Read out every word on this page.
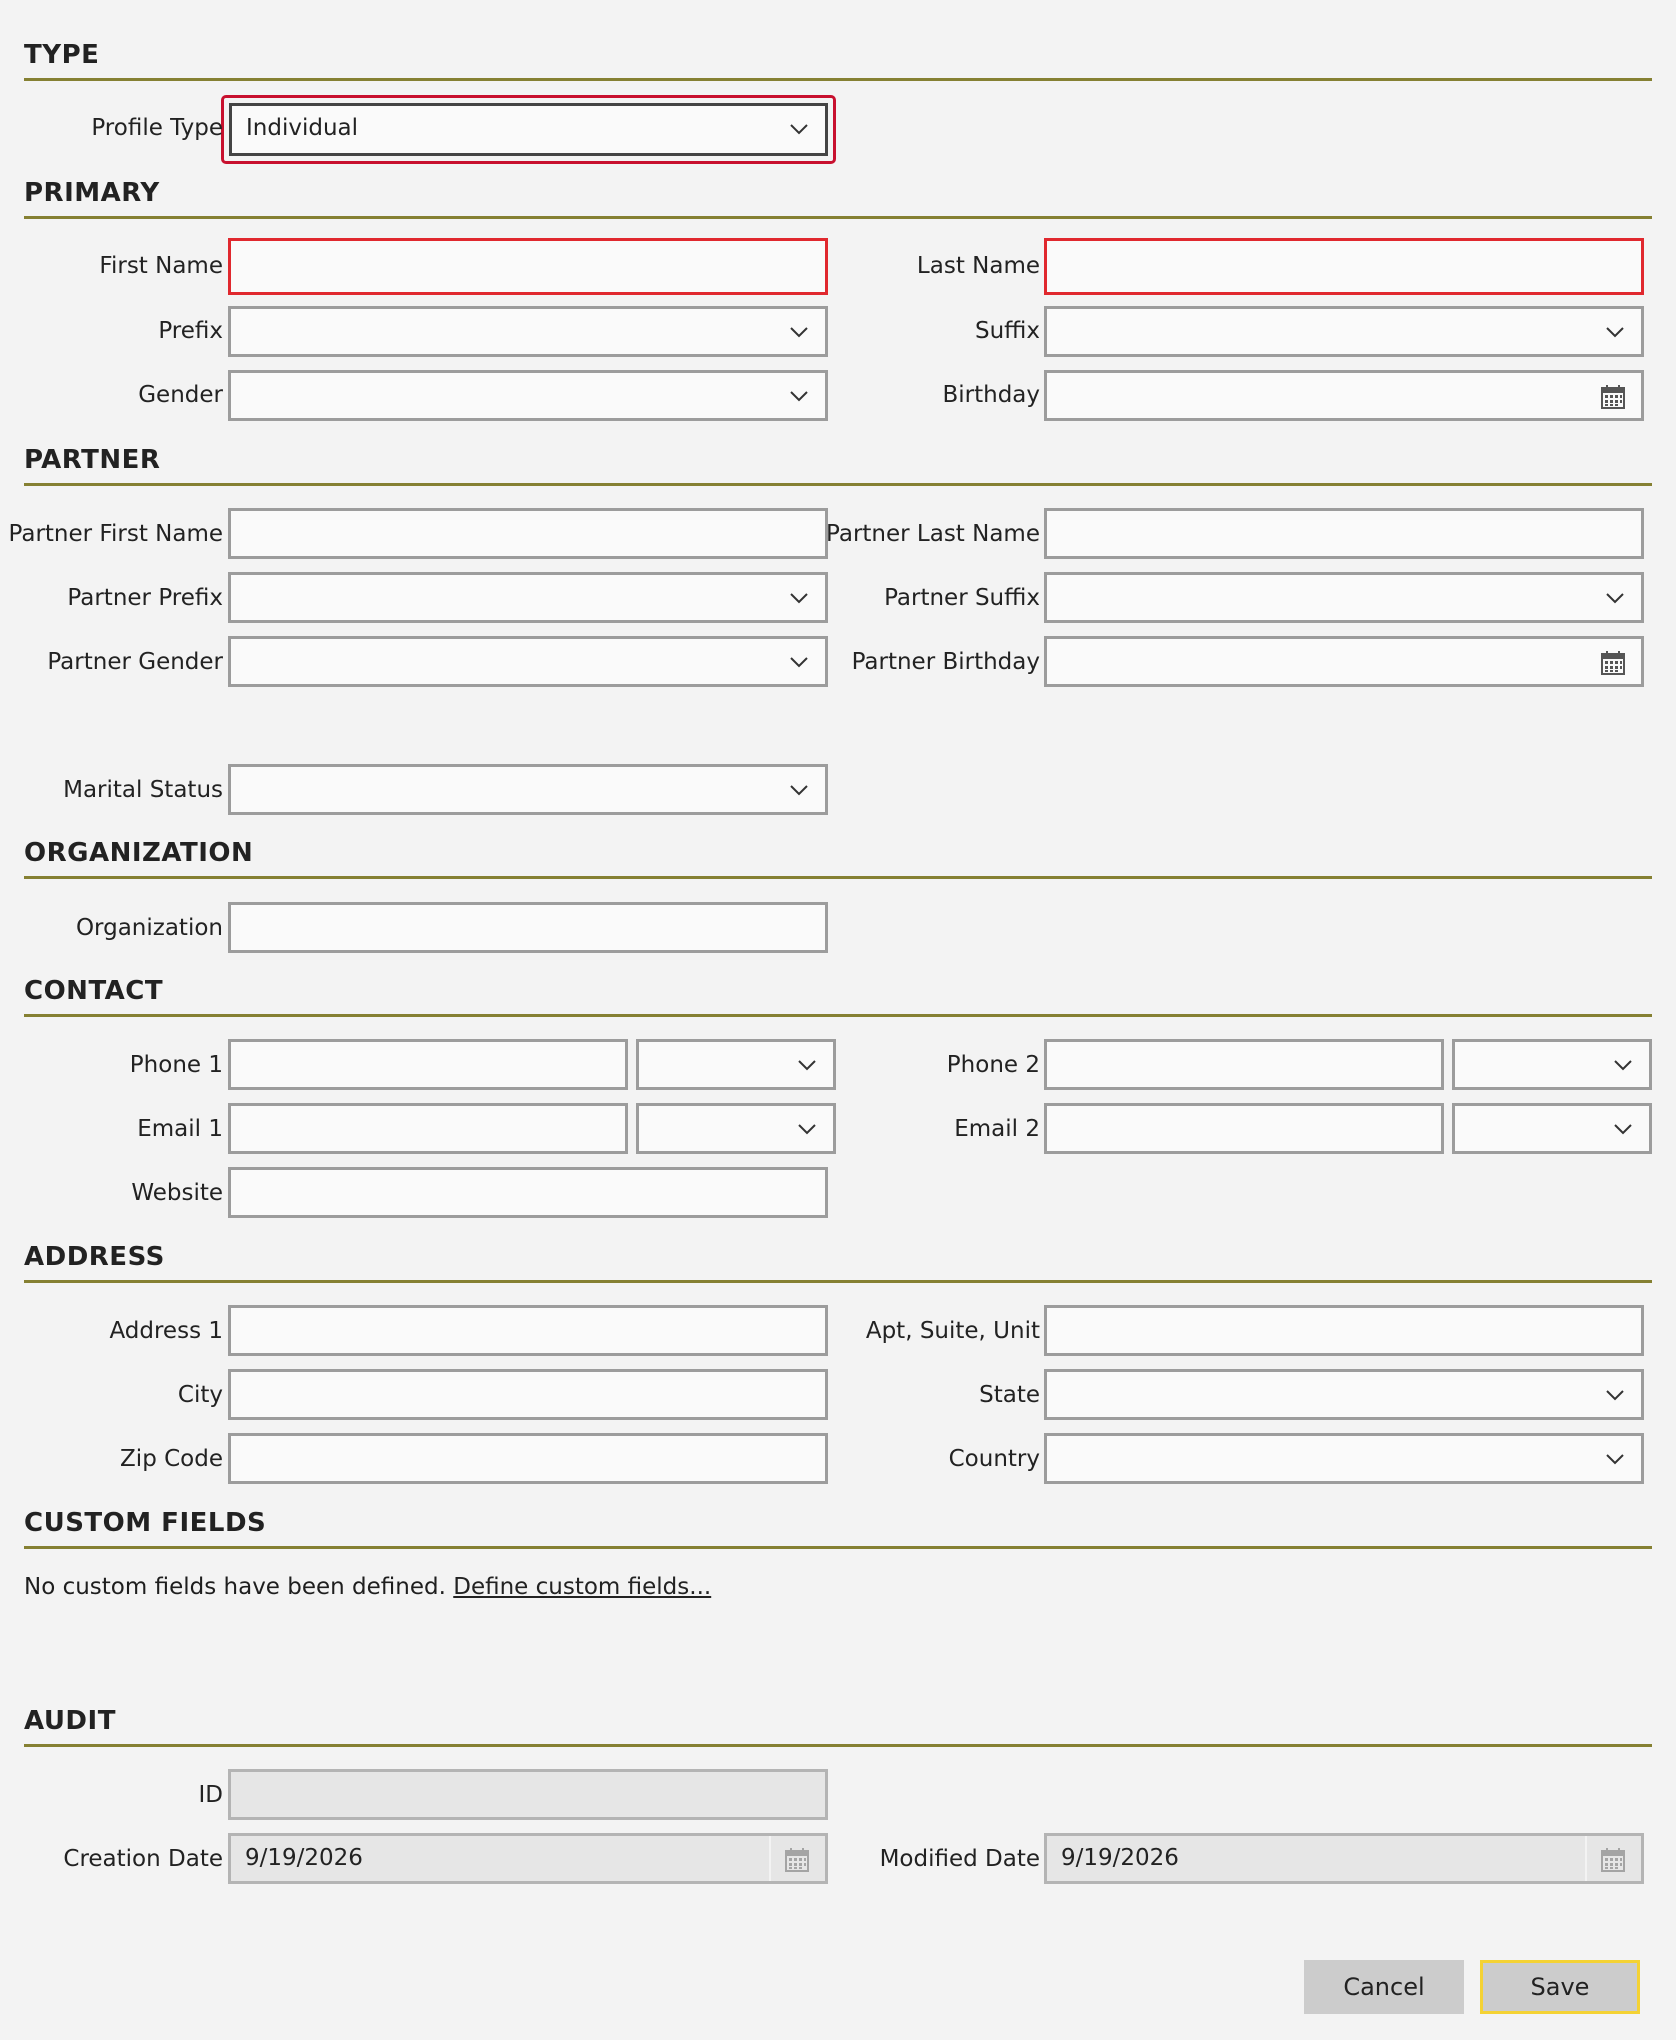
TYPE
Profile Type Individual
PRIMARY
First Name	Last Name
Prefix	Suffix
Gender	Birthday
PARTNER
Partner First Name	Partner Last Name
Partner Prefix	Partner Suffix
Partner Gender	Partner Birthday
Marital Status
ORGANIZATION
Organization
CONTACT
Phone 1	Phone 2
Email 1	Email 2
Website
ADDRESS
Address 1	Apt, Suite, Unit
City	State
Zip Code	Country
CUSTOM FIELDS
No custom fields have been defined. Define custom fields...
AUDIT
ID
Creation Date 9/19/2026	Modified Date 9/19/2026
Cancel	Save
